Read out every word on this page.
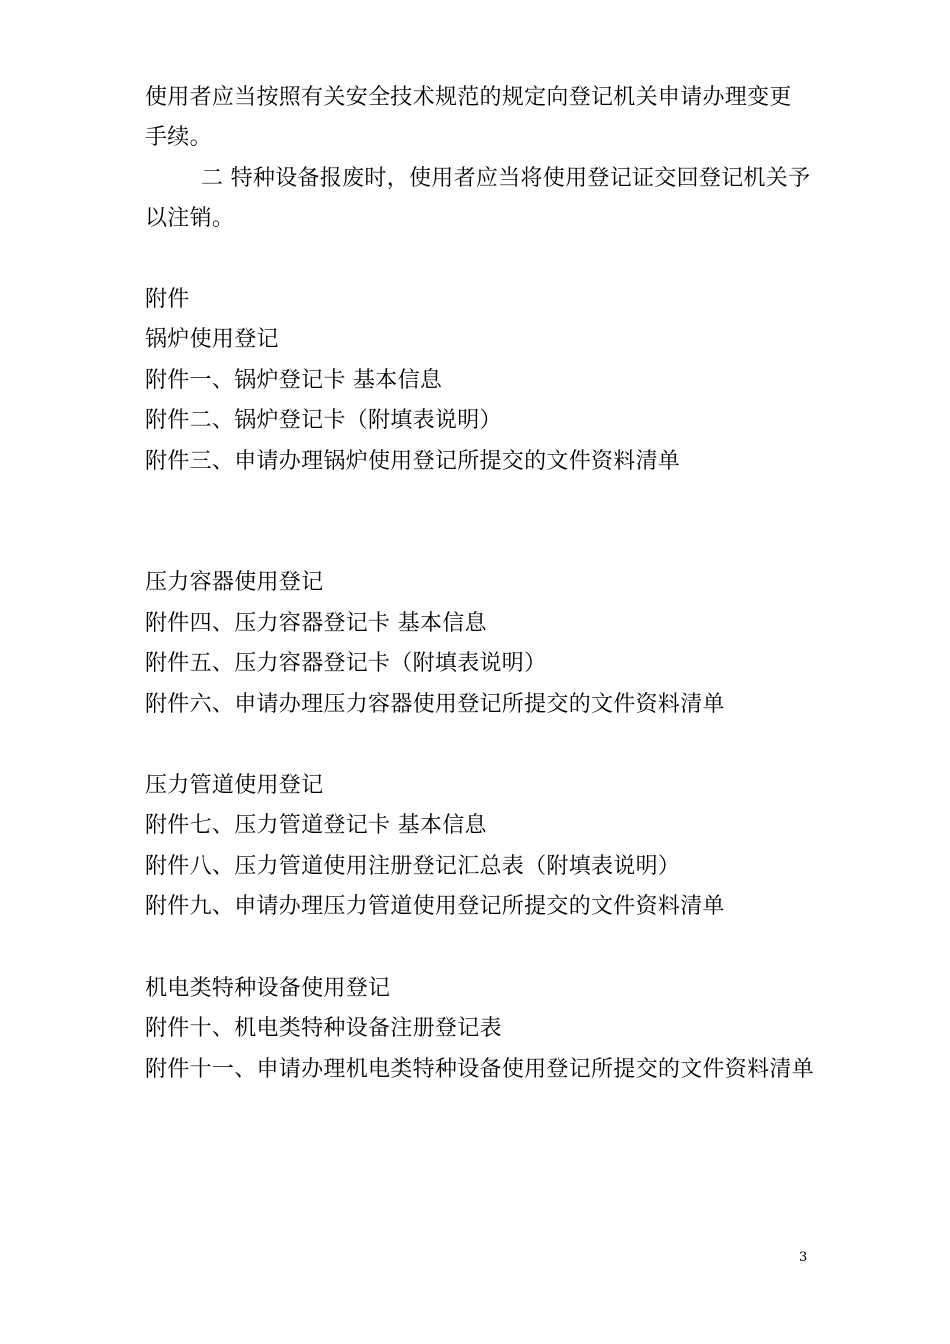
使用者应当按照有关安全技术规范的规定向登记机关申请办理变更
手续。
二 特种设备报废时，使用者应当将使用登记证交回登记机关予
以注销。
附件
锅炉使用登记
附件一、锅炉登记卡 基本信息
附件二、锅炉登记卡（附填表说明）
附件三、申请办理锅炉使用登记所提交的文件资料清单
压力容器使用登记
附件四、压力容器登记卡 基本信息
附件五、压力容器登记卡（附填表说明）
附件六、申请办理压力容器使用登记所提交的文件资料清单
压力管道使用登记
附件七、压力管道登记卡 基本信息
附件八、压力管道使用注册登记汇总表（附填表说明）
附件九、申请办理压力管道使用登记所提交的文件资料清单
机电类特种设备使用登记
附件十、机电类特种设备注册登记表
附件十一、申请办理机电类特种设备使用登记所提交的文件资料清单
3
